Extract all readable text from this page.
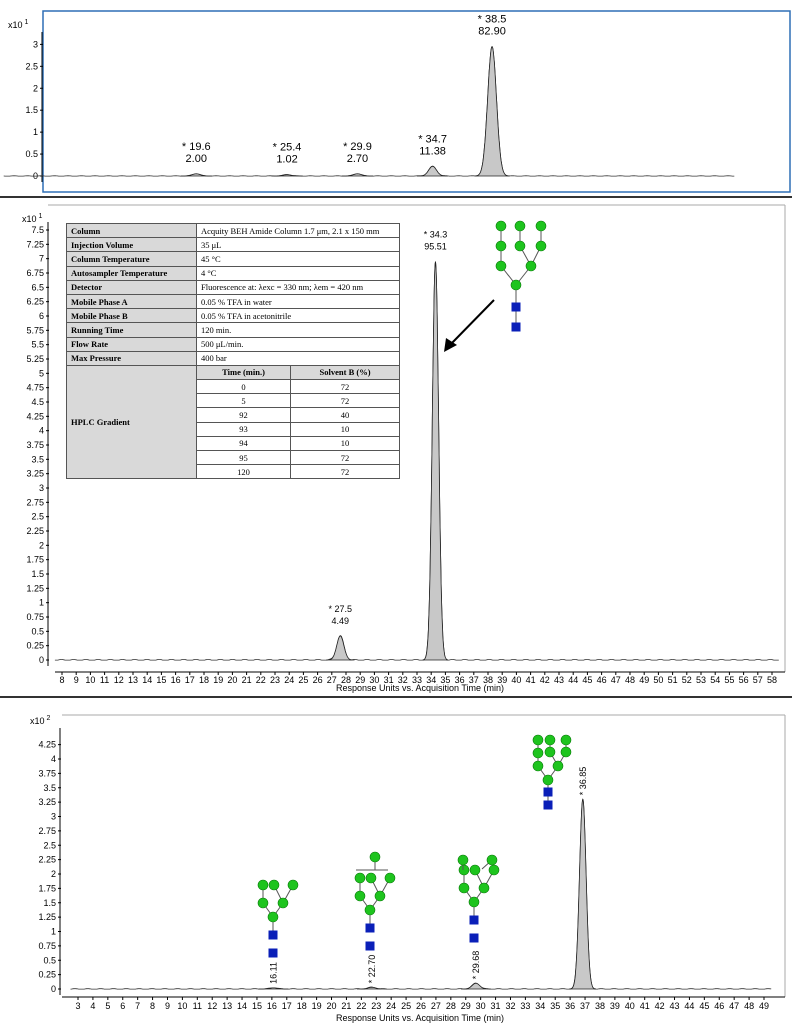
x10 $^1$
x10 $^1$
x10 $^2$
Response Units vs. Acquisition Time (min)
Response Units vs. Acquisition Time (min)
0
0.5
1
1.5
2
2.5
3
* 19.6
2.00
* 25.4
1.02
* 29.9
2.70
* 34.7
11.38
* 38.5
82.90
0
0.25
0.5
0.75
1
1.25
1.5
1.75
2
2.25
2.5
2.75
3
3.25
3.5
3.75
4
4.25
4.5
4.75
5
5.25
5.5
5.75
6
6.25
6.5
6.75
7
7.25
7.5
8 9 10 11 12 13 14 15 16 17 18 19 20 21 22 23 24 25 26 27 28 29 30 31 32 33 34 35 36 37 38 39 40 41 42 43 44 45 46 47 48 49 50 51 52 53 54 55 56 57 58
* 27.5
4.49
* 34.3
95.51
0
0.25
0.5
0.75
1
1.25
1.5
1.75
2
2.25
2.5
2.75
3
3.25
3.5
3.75
4
4.25
3 4 5 6 7 8 9 10 11 12 13 14 15 16 17 18 19 20 21 22 23 24 25 26 27 28 29 30 31 32 33 34 35 36 37 38 39 40 41 42 43 44 45 46 47 48 49
16.11	* 22.70	* 29.68
* 36.85
Column	Acquity BEH Amide Column 1.7 μm, 2.1 x 150 mm	
Injection Volume	35 μL	
Column Temperature	45 °C	
Autosampler Temperature	4 °C	
Detector	Fluorescence at: λexc = 330 nm; λem = 420 nm	
Mobile Phase A	0.05 % TFA in water	
Mobile Phase B	0.05 % TFA in acetonitrile	
Running Time	120 min.	
Flow Rate	500 μL/min.	
Max Pressure	400 bar	
HPLC Gradient	Time (min.)	Solvent B (%)
	0	72
	5	72
	92	40
	93	10
	94	10
	95	72
	120	72
